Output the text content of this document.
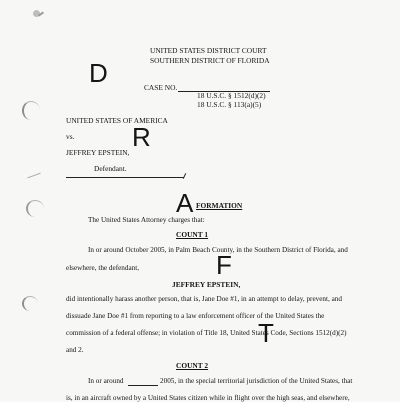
UNITED STATES DISTRICT COURT
SOUTHERN DISTRICT OF FLORIDA
D	CASE NO.
18 U.S.C. § 1512(d)(2)
18 U.S.C. § 113(a)(5)
UNITED STATES OF AMERICA
vs. R
JEFFREY EPSTEIN,
Defendant.
A FORMATION
The United States Attorney charges that:
COUNT 1
In or around October 2005, in Palm Beach County, in the Southern District of Florida, and
elsewhere, the defendant,	F
JEFFREY EPSTEIN,
did intentionally harass another person, that is, Jane Doe #1, in an attempt to delay, prevent, and
dissuade Jane Doe #1 from reporting to a law enforcement officer of the United States the
commission of a federal offense; in violation of Title 18, United States Code, Sections 1512(d)(2)
T
and 2.
COUNT 2
In or around	2005, in the special territorial jurisdiction of the United States, that
is, in an aircraft owned by a United States citizen while in flight over the high seas, and elsewhere,
